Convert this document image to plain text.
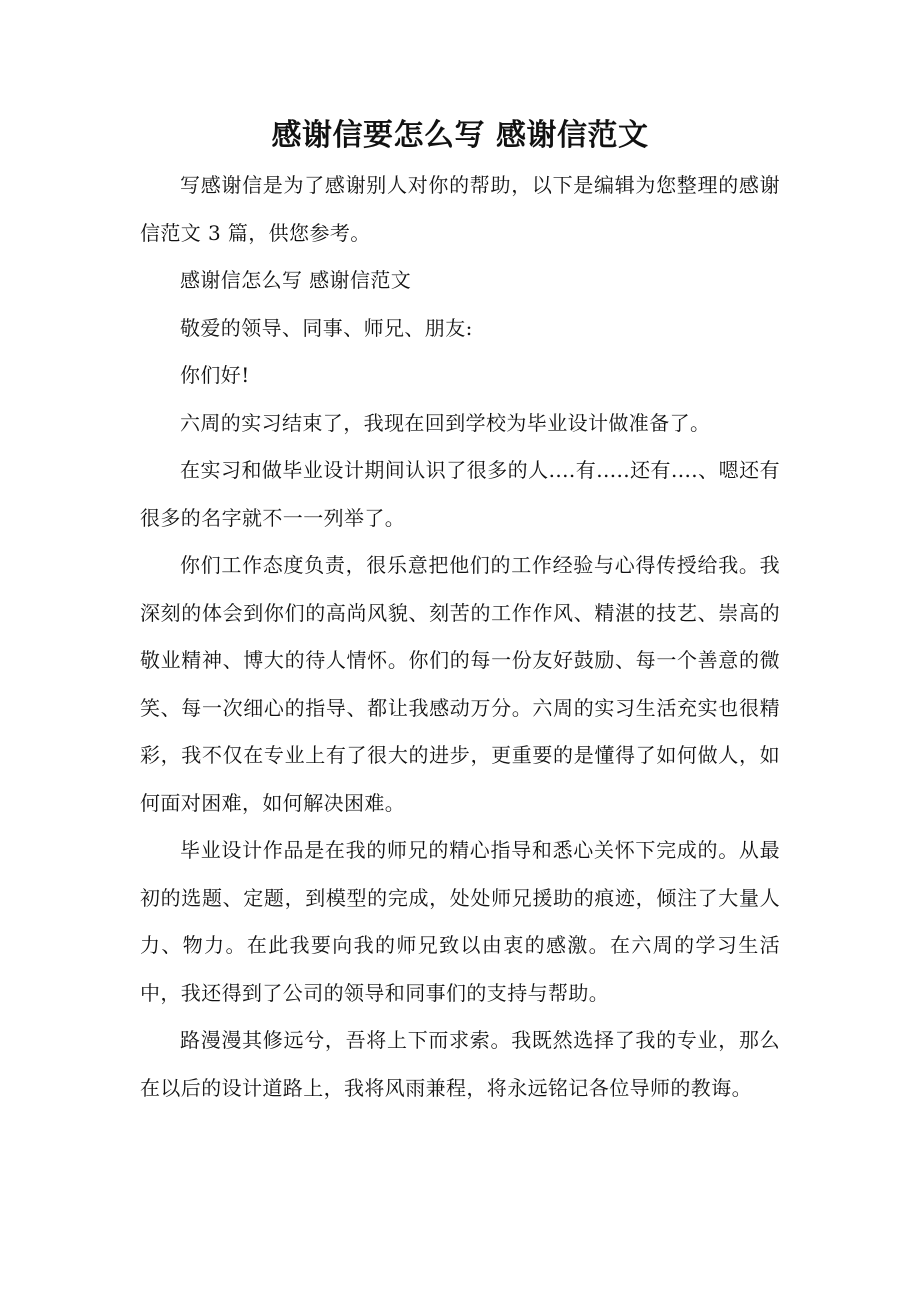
感谢信要怎么写 感谢信范文

写感谢信是为了感谢别人对你的帮助，以下是编辑为您整理的感谢信范文 3 篇，供您参考。

感谢信怎么写 感谢信范文

敬爱的领导、同事、师兄、朋友:

你们好!

六周的实习结束了，我现在回到学校为毕业设计做准备了。

在实习和做毕业设计期间认识了很多的人....有.....还有....、嗯还有很多的名字就不一一列举了。

你们工作态度负责，很乐意把他们的工作经验与心得传授给我。我深刻的体会到你们的高尚风貌、刻苦的工作作风、精湛的技艺、崇高的敬业精神、博大的待人情怀。你们的每一份友好鼓励、每一个善意的微笑、每一次细心的指导、都让我感动万分。六周的实习生活充实也很精彩，我不仅在专业上有了很大的进步，更重要的是懂得了如何做人，如何面对困难，如何解决困难。

毕业设计作品是在我的师兄的精心指导和悉心关怀下完成的。从最初的选题、定题，到模型的完成，处处师兄援助的痕迹，倾注了大量人力、物力。在此我要向我的师兄致以由衷的感激。在六周的学习生活中，我还得到了公司的领导和同事们的支持与帮助。

路漫漫其修远兮，吾将上下而求索。我既然选择了我的专业，那么在以后的设计道路上，我将风雨兼程，将永远铭记各位导师的教诲。
